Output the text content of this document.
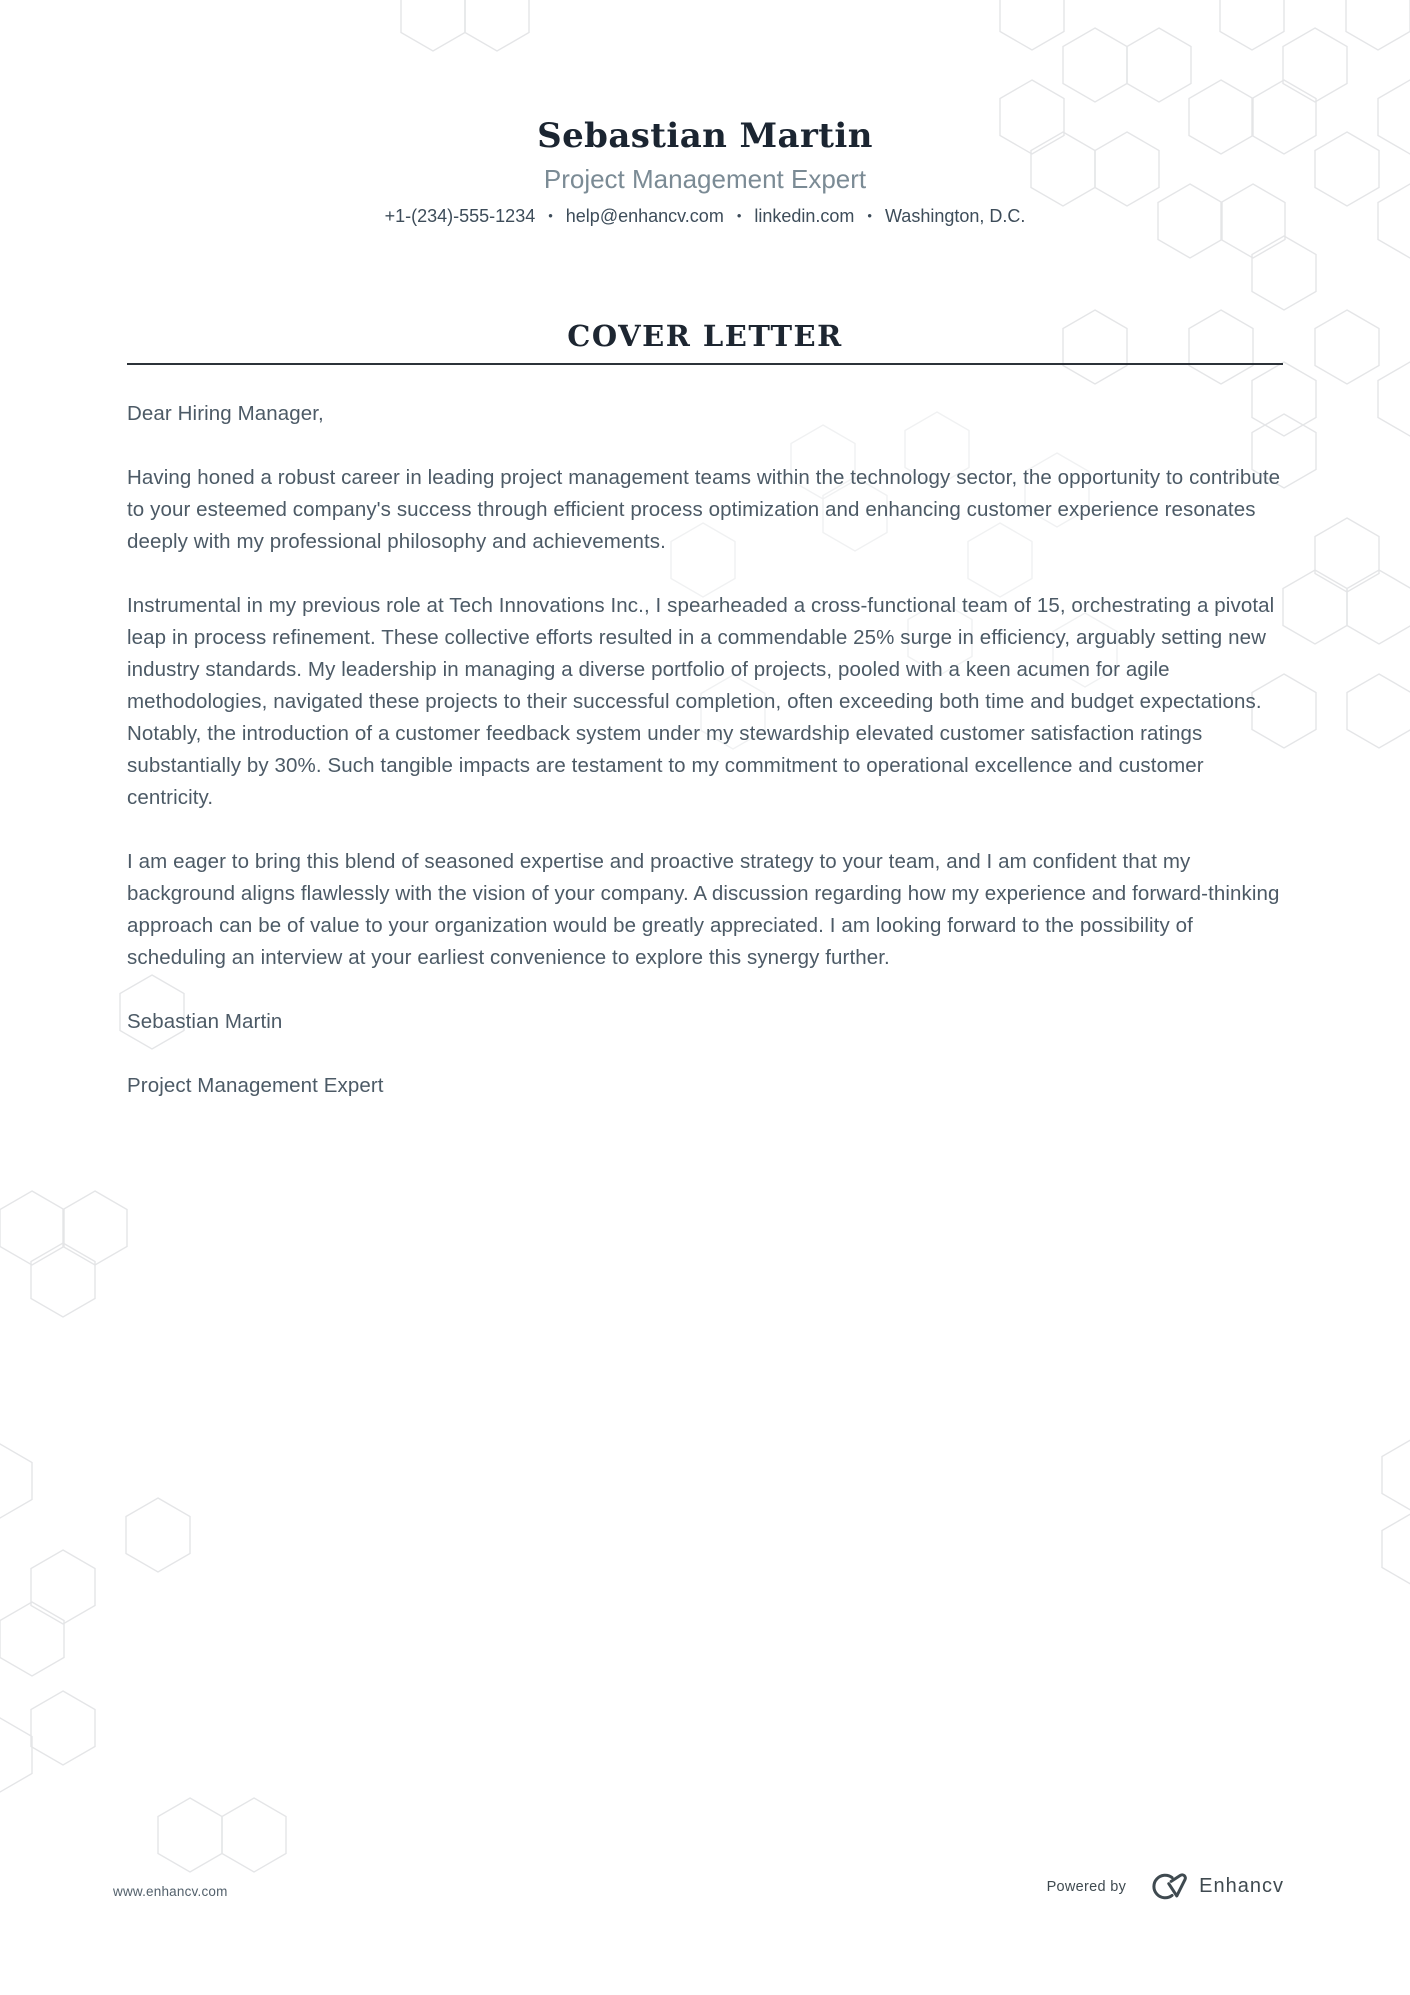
Sebastian Martin
Project Management Expert
+1-(234)-555-1234 • help@enhancv.com • linkedin.com • Washington, D.C.
COVER LETTER

Dear Hiring Manager,

Having honed a robust career in leading project management teams within the technology sector, the opportunity to contribute to your esteemed company's success through efficient process optimization and enhancing customer experience resonates deeply with my professional philosophy and achievements.

Instrumental in my previous role at Tech Innovations Inc., I spearheaded a cross-functional team of 15, orchestrating a pivotal leap in process refinement. These collective efforts resulted in a commendable 25% surge in efficiency, arguably setting new industry standards. My leadership in managing a diverse portfolio of projects, pooled with a keen acumen for agile methodologies, navigated these projects to their successful completion, often exceeding both time and budget expectations. Notably, the introduction of a customer feedback system under my stewardship elevated customer satisfaction ratings substantially by 30%. Such tangible impacts are testament to my commitment to operational excellence and customer centricity.

I am eager to bring this blend of seasoned expertise and proactive strategy to your team, and I am confident that my background aligns flawlessly with the vision of your company. A discussion regarding how my experience and forward-thinking approach can be of value to your organization would be greatly appreciated. I am looking forward to the possibility of scheduling an interview at your earliest convenience to explore this synergy further.

Sebastian Martin

Project Management Expert

www.enhancv.com	Powered by	Enhancv
